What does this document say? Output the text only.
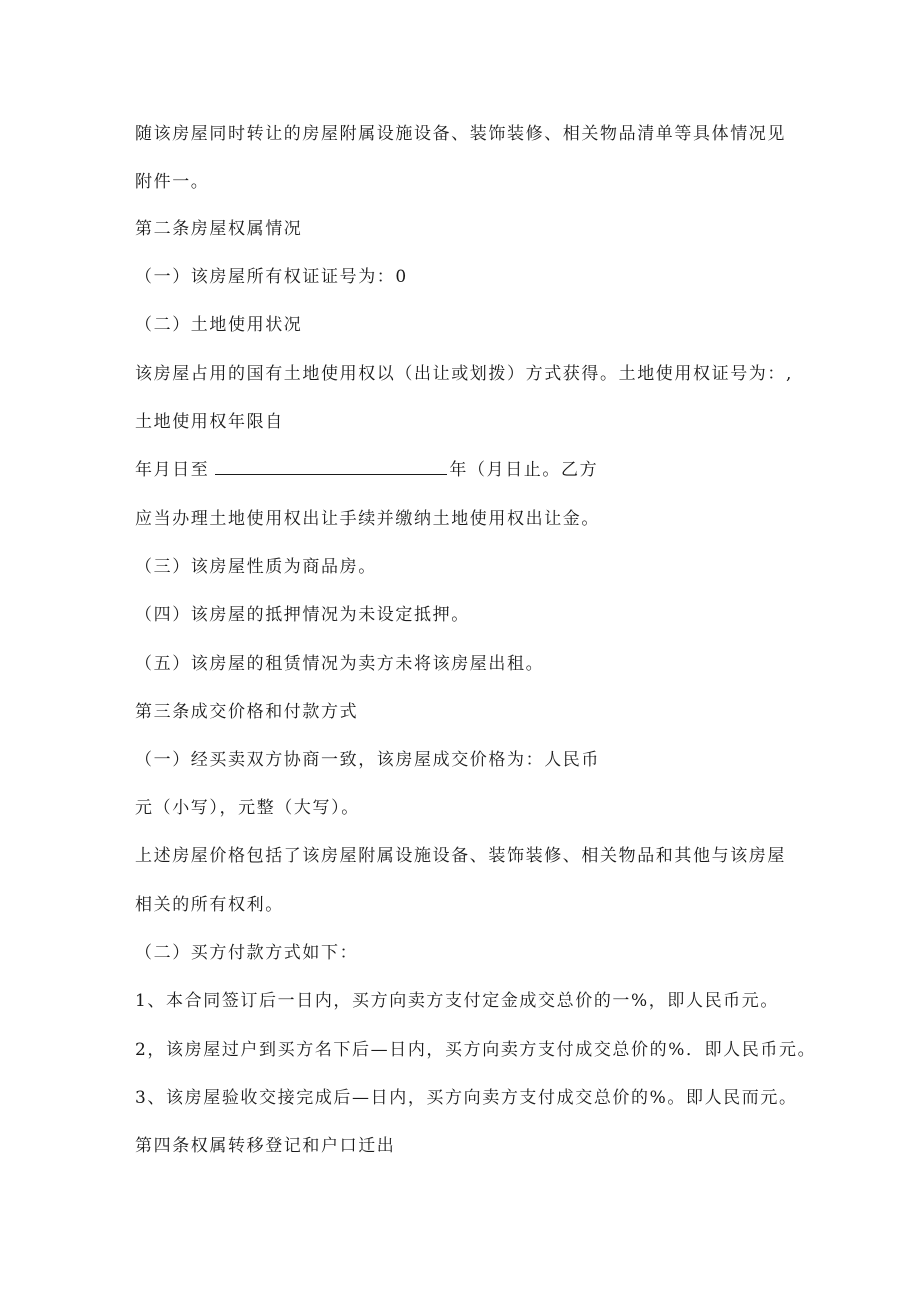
随该房屋同时转让的房屋附属设施设备、装饰装修、相关物品清单等具体情况见
附件一。
第二条房屋权属情况
（一）该房屋所有权证证号为：0
（二）土地使用状况
该房屋占用的国有土地使用权以（出让或划拨）方式获得。土地使用权证号为：,
土地使用权年限自
年月日至	年（月日止。乙方
应当办理土地使用权出让手续并缴纳土地使用权出让金。
（三）该房屋性质为商品房。
（四）该房屋的抵押情况为未设定抵押。
（五）该房屋的租赁情况为卖方未将该房屋出租。
第三条成交价格和付款方式
（一）经买卖双方协商一致，该房屋成交价格为：人民币
元（小写），元整（大写）。
上述房屋价格包括了该房屋附属设施设备、装饰装修、相关物品和其他与该房屋
相关的所有权利。
（二）买方付款方式如下：
1、本合同签订后一日内，买方向卖方支付定金成交总价的一%，即人民币元。
2，该房屋过户到买方名下后—日内，买方向卖方支付成交总价的%．即人民币元。
3、该房屋验收交接完成后—日内，买方向卖方支付成交总价的%。即人民而元。
第四条权属转移登记和户口迁出
